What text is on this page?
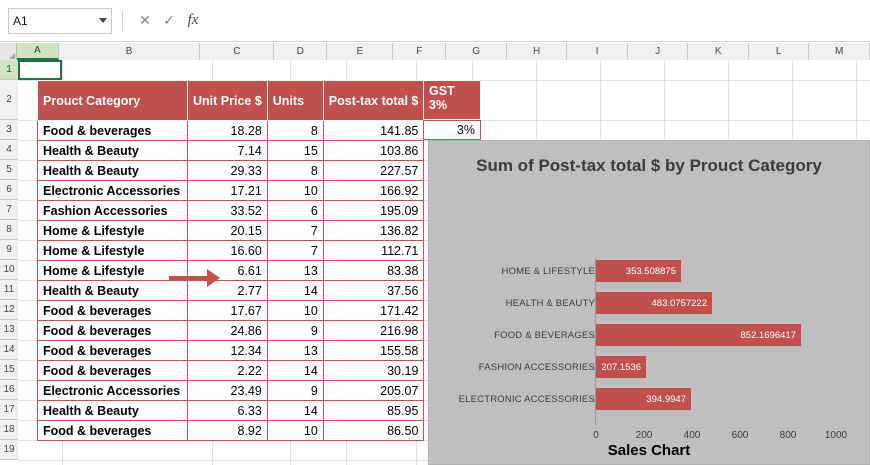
A1	✕ ✓ fx
A	B	C	D	E	F	G	H	I	J	K	L	M
1
2
3
4
5
6
7
8
9
10
11
12
13
14
15
16
17
18
19
Prouct Category	Unit Price $	Units	Post-tax total $
Food & beverages	18.28	8	141.85
Health & Beauty	7.14	15	103.86
Health & Beauty	29.33	8	227.57
Electronic Accessories	17.21	10	166.92
Fashion Accessories	33.52	6	195.09
Home & Lifestyle	20.15	7	136.82
Home & Lifestyle	16.60	7	112.71
Home & Lifestyle	6.61	13	83.38
Health & Beauty	2.77	14	37.56
Food & beverages	17.67	10	171.42
Food & beverages	24.86	9	216.98
Food & beverages	12.34	13	155.58
Food & beverages	2.22	14	30.19
Electronic Accessories	23.49	9	205.07
Health & Beauty	6.33	14	85.95
Food & beverages	8.92	10	86.50
GST 3%
3%
Sum of Post-tax total $ by Prouct Category
HOME & LIFESTYLE
HEALTH & BEAUTY
FOOD & BEVERAGES
FASHION ACCESSORIES
ELECTRONIC ACCESSORIES
353.508875
483.0757222
852.1696417
207.1536
394.9947
0	200	400	600	800	1000
Sales Chart
